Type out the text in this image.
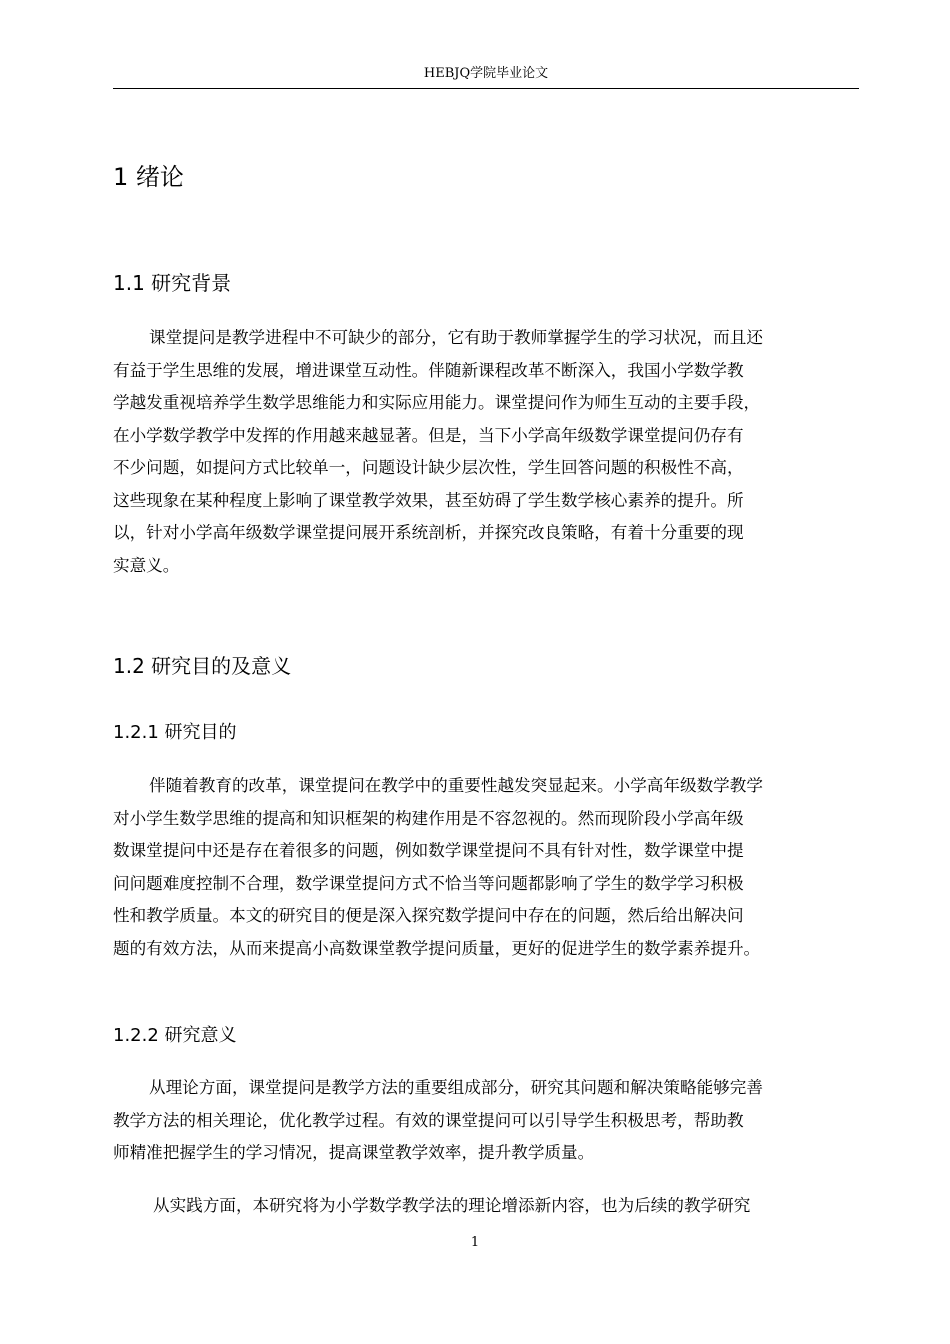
HEBJQ学院毕业论文
1 绪论
1.1 研究背景
课堂提问是教学进程中不可缺少的部分，它有助于教师掌握学生的学习状况，而且还
有益于学生思维的发展，增进课堂互动性。伴随新课程改革不断深入，我国小学数学教
学越发重视培养学生数学思维能力和实际应用能力。课堂提问作为师生互动的主要手段，
在小学数学教学中发挥的作用越来越显著。但是，当下小学高年级数学课堂提问仍存有
不少问题，如提问方式比较单一，问题设计缺少层次性，学生回答问题的积极性不高，
这些现象在某种程度上影响了课堂教学效果，甚至妨碍了学生数学核心素养的提升。所
以，针对小学高年级数学课堂提问展开系统剖析，并探究改良策略，有着十分重要的现
实意义。
1.2 研究目的及意义
1.2.1 研究目的
伴随着教育的改革，课堂提问在教学中的重要性越发突显起来。小学高年级数学教学
对小学生数学思维的提高和知识框架的构建作用是不容忽视的。然而现阶段小学高年级
数课堂提问中还是存在着很多的问题，例如数学课堂提问不具有针对性，数学课堂中提
问问题难度控制不合理，数学课堂提问方式不恰当等问题都影响了学生的数学学习积极
性和教学质量。本文的研究目的便是深入探究数学提问中存在的问题，然后给出解决问
题的有效方法，从而来提高小高数课堂教学提问质量，更好的促进学生的数学素养提升。
1.2.2 研究意义
从理论方面，课堂提问是教学方法的重要组成部分，研究其问题和解决策略能够完善
教学方法的相关理论，优化教学过程。有效的课堂提问可以引导学生积极思考，帮助教
师精准把握学生的学习情况，提高课堂教学效率，提升教学质量。
从实践方面，本研究将为小学数学教学法的理论增添新内容，也为后续的教学研究
1
